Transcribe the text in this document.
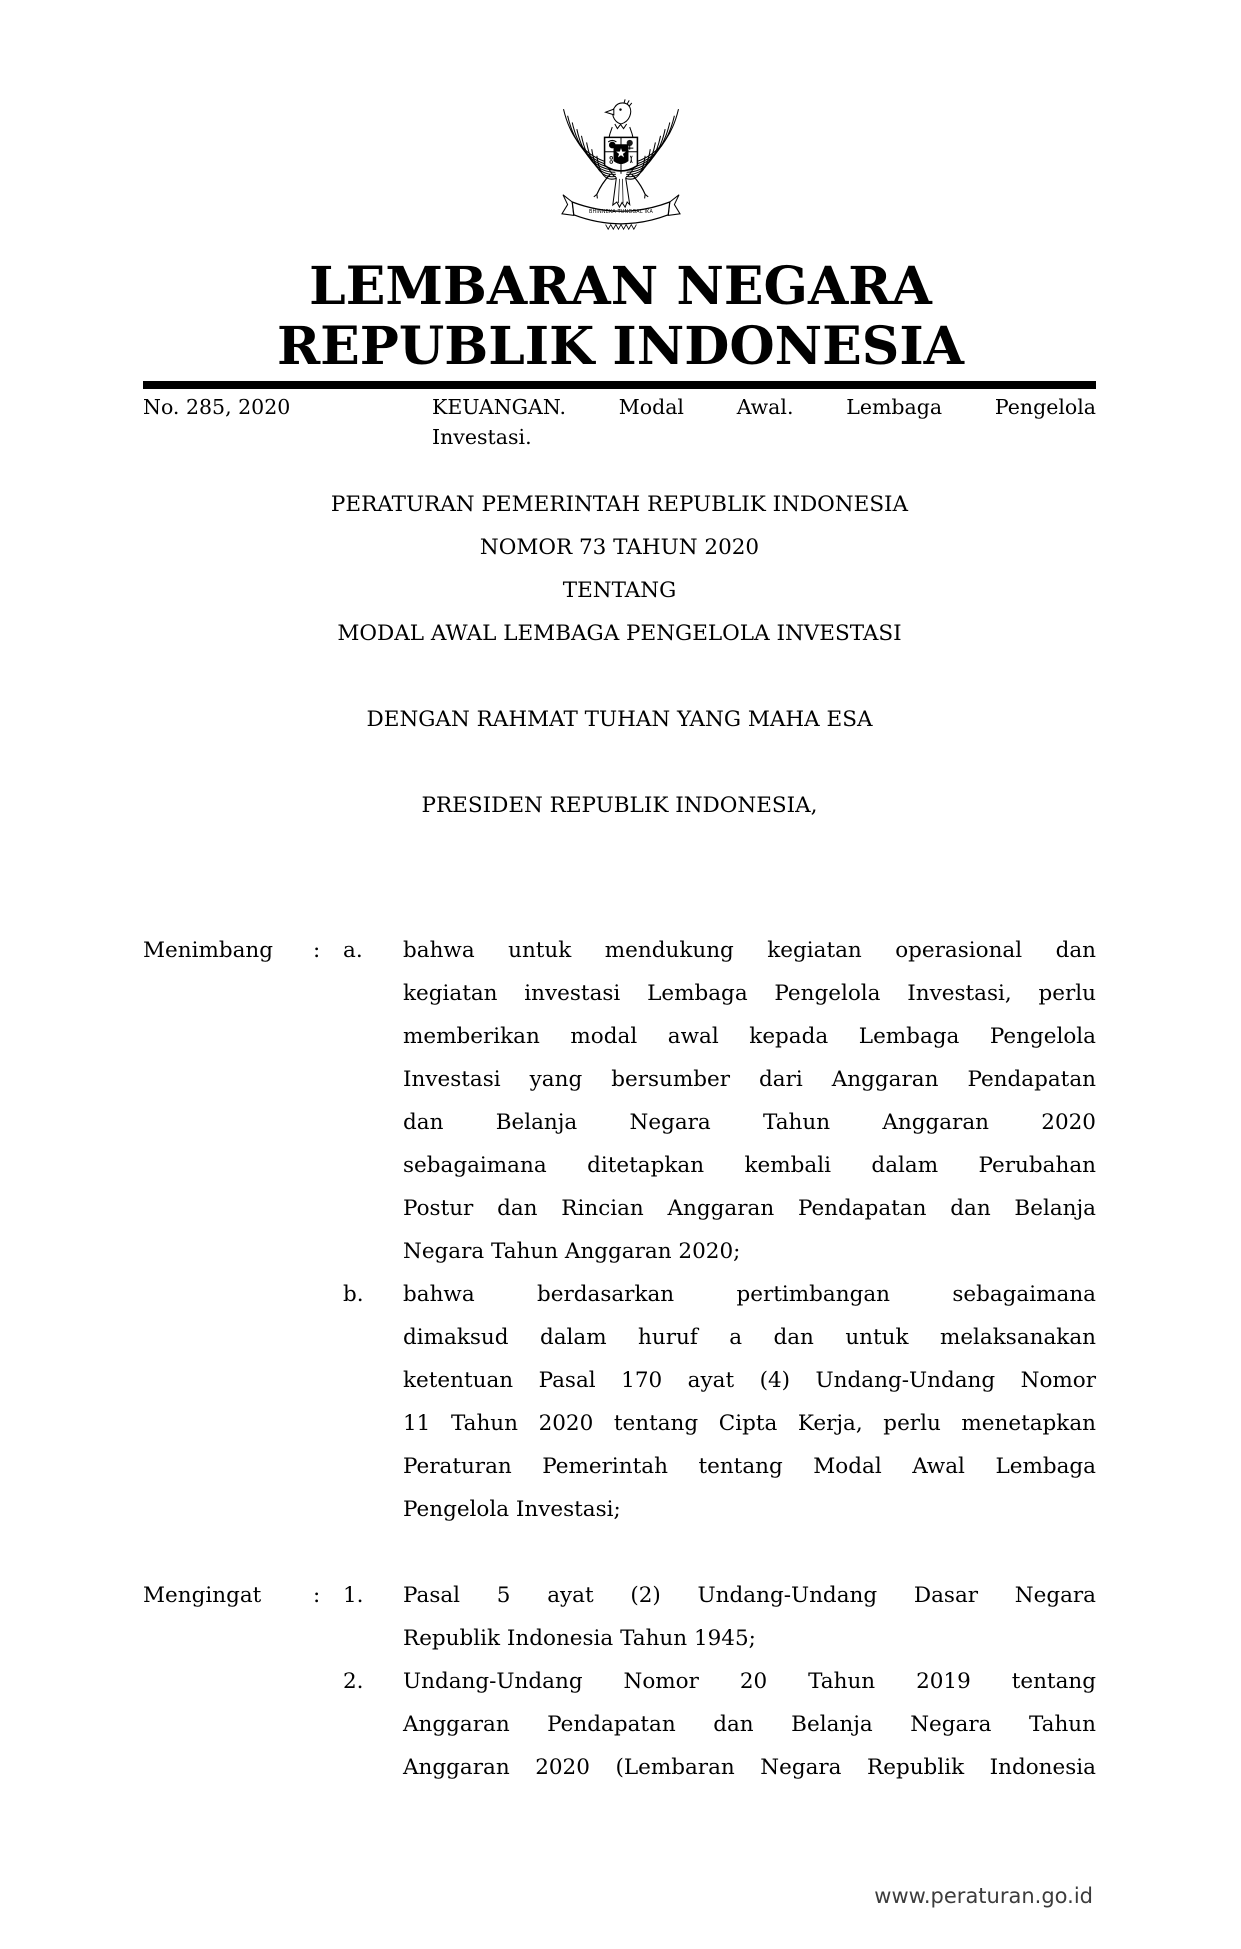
BHINNEKA TUNGGAL IKA
LEMBARAN NEGARA
REPUBLIK INDONESIA
No. 285, 2020	KEUANGAN. Modal Awal. Lembaga Pengelola
Investasi.
PERATURAN PEMERINTAH REPUBLIK INDONESIA
NOMOR 73 TAHUN 2020
TENTANG
MODAL AWAL LEMBAGA PENGELOLA INVESTASI
DENGAN RAHMAT TUHAN YANG MAHA ESA
PRESIDEN REPUBLIK INDONESIA,
Menimbang	:	a.	bahwa untuk mendukung kegiatan operasional dan
kegiatan investasi Lembaga Pengelola Investasi, perlu
memberikan modal awal kepada Lembaga Pengelola
Investasi yang bersumber dari Anggaran Pendapatan
dan Belanja Negara Tahun Anggaran 2020
sebagaimana ditetapkan kembali dalam Perubahan
Postur dan Rincian Anggaran Pendapatan dan Belanja
Negara Tahun Anggaran 2020;
b.	bahwa berdasarkan pertimbangan sebagaimana
dimaksud dalam huruf a dan untuk melaksanakan
ketentuan Pasal 170 ayat (4) Undang-Undang Nomor
11 Tahun 2020 tentang Cipta Kerja, perlu menetapkan
Peraturan Pemerintah tentang Modal Awal Lembaga
Pengelola Investasi;
Mengingat	:	1.	Pasal 5 ayat (2) Undang-Undang Dasar Negara
Republik Indonesia Tahun 1945;
2.	Undang-Undang Nomor 20 Tahun 2019 tentang
Anggaran Pendapatan dan Belanja Negara Tahun
Anggaran 2020 (Lembaran Negara Republik Indonesia
www.peraturan.go.id
